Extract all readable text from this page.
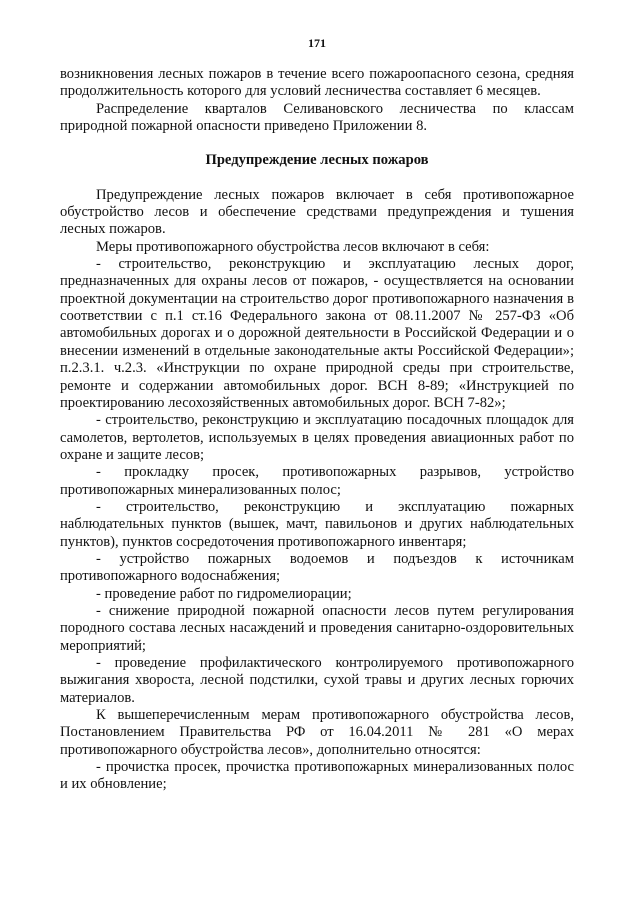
171

возникновения лесных пожаров в течение всего пожароопасного сезона, средняя продолжительность которого для условий лесничества составляет 6 месяцев.

Распределение кварталов Селивановского лесничества по классам природной пожарной опасности приведено Приложении 8.

Предупреждение лесных пожаров

Предупреждение лесных пожаров включает в себя противопожарное обустройство лесов и обеспечение средствами предупреждения и тушения лесных пожаров.

Меры противопожарного обустройства лесов включают в себя:

- строительство, реконструкцию и эксплуатацию лесных дорог, предназначенных для охраны лесов от пожаров, - осуществляется на основании проектной документации на строительство дорог противопожарного назначения в соответствии с п.1 ст.16 Федерального закона от 08.11.2007 № 257-ФЗ «Об автомобильных дорогах и о дорожной деятельности в Российской Федерации и о внесении изменений в отдельные законодательные акты Российской Федерации»; п.2.3.1. ч.2.3. «Инструкции по охране природной среды при строительстве, ремонте и содержании автомобильных дорог. ВСН 8-89; «Инструкцией по проектированию лесохозяйственных автомобильных дорог. ВСН 7-82»;

- строительство, реконструкцию и эксплуатацию посадочных площадок для самолетов, вертолетов, используемых в целях проведения авиационных работ по охране и защите лесов;

- прокладку просек, противопожарных разрывов, устройство противопожарных минерализованных полос;

- строительство, реконструкцию и эксплуатацию пожарных наблюдательных пунктов (вышек, мачт, павильонов и других наблюдательных пунктов), пунктов сосредоточения противопожарного инвентаря;

- устройство пожарных водоемов и подъездов к источникам противопожарного водоснабжения;

- проведение работ по гидромелиорации;

- снижение природной пожарной опасности лесов путем регулирования породного состава лесных насаждений и проведения санитарно-оздоровительных мероприятий;

- проведение профилактического контролируемого противопожарного выжигания хвороста, лесной подстилки, сухой травы и других лесных горючих материалов.

К вышеперечисленным мерам противопожарного обустройства лесов, Постановлением Правительства РФ от 16.04.2011 № 281 «О мерах противопожарного обустройства лесов», дополнительно относятся:

- прочистка просек, прочистка противопожарных минерализованных полос и их обновление;
